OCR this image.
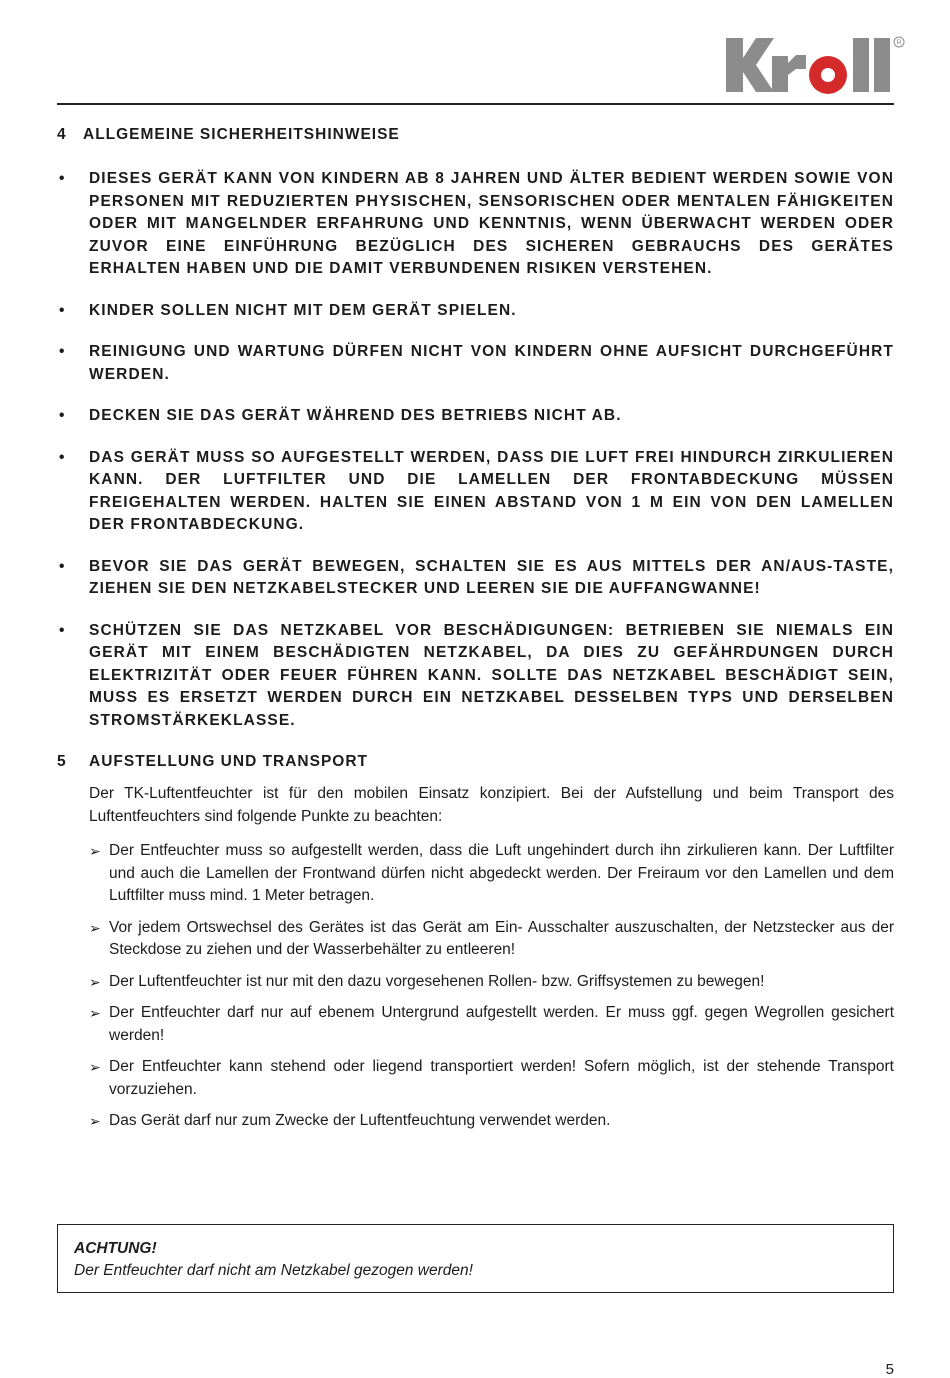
R
4	ALLGEMEINE SICHERHEITSHINWEISE
•	DIESES GERÄT KANN VON KINDERN AB 8 JAHREN UND ÄLTER BEDIENT WERDEN SOWIE VON PERSONEN MIT REDUZIERTEN PHYSISCHEN, SENSORISCHEN ODER MENTALEN FÄHIGKEITEN ODER MIT MANGELNDER ERFAHRUNG UND KENNTNIS, WENN ÜBERWACHT WERDEN ODER ZUVOR EINE EINFÜHRUNG BEZÜGLICH DES SICHEREN GEBRAUCHS DES GERÄTES ERHALTEN HABEN UND DIE DAMIT VERBUNDENEN RISIKEN VERSTEHEN.
•	KINDER SOLLEN NICHT MIT DEM GERÄT SPIELEN.
•	REINIGUNG UND WARTUNG DÜRFEN NICHT VON KINDERN OHNE AUFSICHT DURCHGEFÜHRT WERDEN.
•	DECKEN SIE DAS GERÄT WÄHREND DES BETRIEBS NICHT AB.
•	DAS GERÄT MUSS SO AUFGESTELLT WERDEN, DASS DIE LUFT FREI HINDURCH ZIRKULIEREN KANN. DER LUFTFILTER UND DIE LAMELLEN DER FRONTABDECKUNG MÜSSEN FREIGEHALTEN WERDEN. HALTEN SIE EINEN ABSTAND VON 1 M EIN VON DEN LAMELLEN DER FRONTABDECKUNG.
•	BEVOR SIE DAS GERÄT BEWEGEN, SCHALTEN SIE ES AUS MITTELS DER AN/AUS-TASTE, ZIEHEN SIE DEN NETZKABELSTECKER UND LEEREN SIE DIE AUFFANGWANNE!
•	SCHÜTZEN SIE DAS NETZKABEL VOR BESCHÄDIGUNGEN: BETRIEBEN SIE NIEMALS EIN GERÄT MIT EINEM BESCHÄDIGTEN NETZKABEL, DA DIES ZU GEFÄHRDUNGEN DURCH ELEKTRIZITÄT ODER FEUER FÜHREN KANN. SOLLTE DAS NETZKABEL BESCHÄDIGT SEIN, MUSS ES ERSETZT WERDEN DURCH EIN NETZKABEL DESSELBEN TYPS UND DERSELBEN STROMSTÄRKEKLASSE.
5	AUFSTELLUNG UND TRANSPORT

Der TK-Luftentfeuchter ist für den mobilen Einsatz konzipiert. Bei der Aufstellung und beim Transport des Luftentfeuchters sind folgende Punkte zu beachten:

➢ Der Entfeuchter muss so aufgestellt werden, dass die Luft ungehindert durch ihn zirkulieren kann. Der Luftfilter und auch die Lamellen der Frontwand dürfen nicht abgedeckt werden. Der Freiraum vor den Lamellen und dem Luftfilter muss mind. 1 Meter betragen.
➢ Vor jedem Ortswechsel des Gerätes ist das Gerät am Ein- Ausschalter auszuschalten, der Netzstecker aus der Steckdose zu ziehen und der Wasserbehälter zu entleeren!
➢ Der Luftentfeuchter ist nur mit den dazu vorgesehenen Rollen- bzw. Griffsystemen zu bewegen!
➢ Der Entfeuchter darf nur auf ebenem Untergrund aufgestellt werden. Er muss ggf. gegen Wegrollen gesichert werden!
➢ Der Entfeuchter kann stehend oder liegend transportiert werden! Sofern möglich, ist der stehende Transport vorzuziehen.
➢ Das Gerät darf nur zum Zwecke der Luftentfeuchtung verwendet werden.
ACHTUNG!
Der Entfeuchter darf nicht am Netzkabel gezogen werden!
5
